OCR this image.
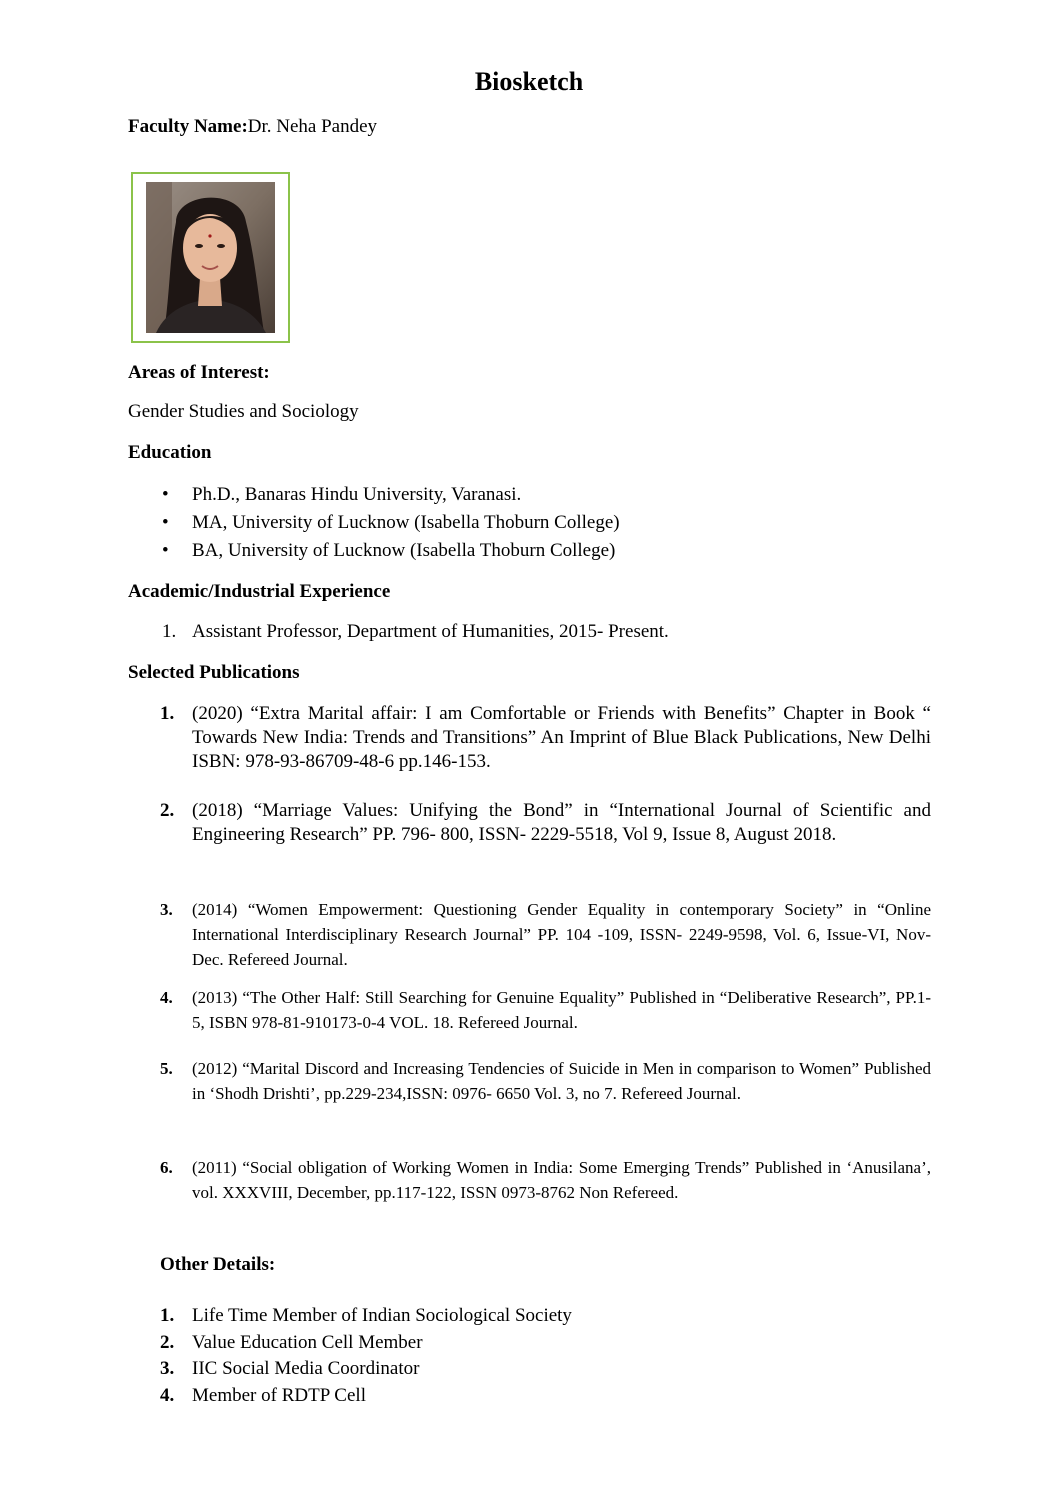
Biosketch
Faculty Name:Dr. Neha Pandey
Areas of Interest:
Gender Studies and Sociology
Education
• Ph.D., Banaras Hindu University, Varanasi.
• MA, University of Lucknow (Isabella Thoburn College)
• BA, University of Lucknow (Isabella Thoburn College)
Academic/Industrial Experience
1. Assistant Professor, Department of Humanities, 2015- Present.
Selected Publications
1. (2020) “Extra Marital affair: I am Comfortable or Friends with Benefits” Chapter in Book “ Towards New India: Trends and Transitions” An Imprint of Blue Black Publications, New Delhi ISBN: 978-93-86709-48-6 pp.146-153.
2. (2018) “Marriage Values: Unifying the Bond” in “International Journal of Scientific and Engineering Research” PP. 796- 800, ISSN- 2229-5518, Vol 9, Issue 8, August 2018.
3. (2014) “Women Empowerment: Questioning Gender Equality in contemporary Society” in “Online International Interdisciplinary Research Journal” PP. 104 -109, ISSN- 2249-9598, Vol. 6, Issue-VI, Nov-Dec. Refereed Journal.
4. (2013) “The Other Half: Still Searching for Genuine Equality” Published in “Deliberative Research”, PP.1-5, ISBN 978-81-910173-0-4 VOL. 18. Refereed Journal.
5. (2012) “Marital Discord and Increasing Tendencies of Suicide in Men in comparison to Women” Published in ‘Shodh Drishti’, pp.229-234,ISSN: 0976- 6650 Vol. 3, no 7. Refereed Journal.
6. (2011) “Social obligation of Working Women in India: Some Emerging Trends” Published in ‘Anusilana’, vol. XXXVIII, December, pp.117-122, ISSN 0973-8762 Non Refereed.
Other Details:
1. Life Time Member of Indian Sociological Society
2. Value Education Cell Member
3. IIC Social Media Coordinator
4. Member of RDTP Cell
